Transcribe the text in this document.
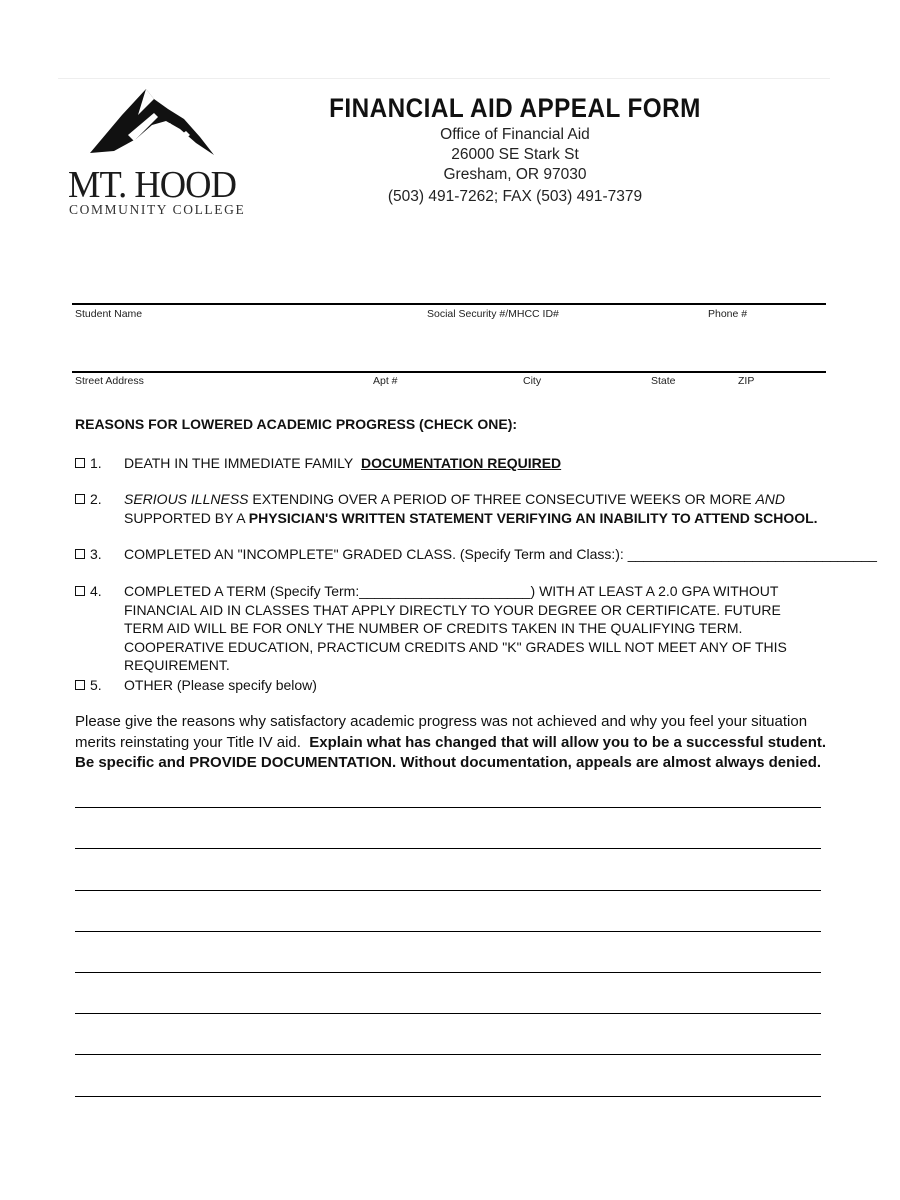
MT. HOOD
COMMUNITY COLLEGE
FINANCIAL AID APPEAL FORM
Office of Financial Aid
26000 SE Stark St
Gresham, OR 97030
(503) 491-7262; FAX (503) 491-7379
Student Name	Social Security #/MHCC ID#	Phone #
Street Address	Apt #	City	State	ZIP
REASONS FOR LOWERED ACADEMIC PROGRESS (CHECK ONE):
1. DEATH IN THE IMMEDIATE FAMILY DOCUMENTATION REQUIRED
2. SERIOUS ILLNESS EXTENDING OVER A PERIOD OF THREE CONSECUTIVE WEEKS OR MORE AND SUPPORTED BY A PHYSICIAN'S WRITTEN STATEMENT VERIFYING AN INABILITY TO ATTEND SCHOOL.
3. COMPLETED AN "INCOMPLETE" GRADED CLASS. (Specify Term and Class:): ________________________________
4. COMPLETED A TERM (Specify Term:______________________) WITH AT LEAST A 2.0 GPA WITHOUT FINANCIAL AID IN CLASSES THAT APPLY DIRECTLY TO YOUR DEGREE OR CERTIFICATE. FUTURE TERM AID WILL BE FOR ONLY THE NUMBER OF CREDITS TAKEN IN THE QUALIFYING TERM. COOPERATIVE EDUCATION, PRACTICUM CREDITS AND "K" GRADES WILL NOT MEET ANY OF THIS REQUIREMENT.
5. OTHER (Please specify below)
Please give the reasons why satisfactory academic progress was not achieved and why you feel your situation merits reinstating your Title IV aid. Explain what has changed that will allow you to be a successful student.
Be specific and PROVIDE DOCUMENTATION. Without documentation, appeals are almost always denied.
